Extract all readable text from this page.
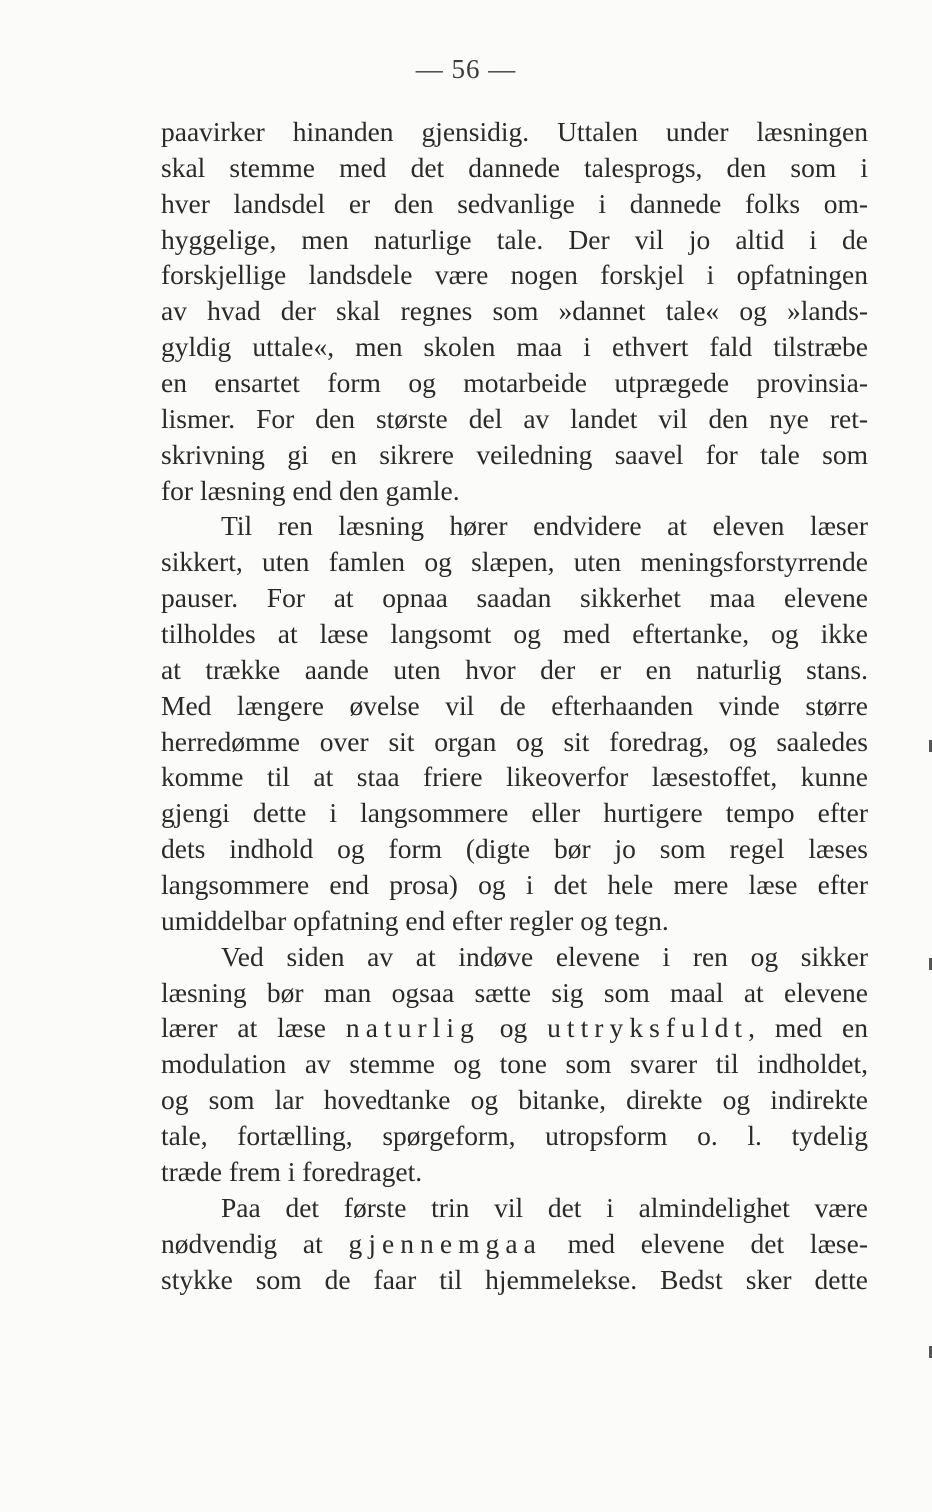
— 56 —
paavirker hinanden gjensidig. Uttalen under læsningen
skal stemme med det dannede talesprogs, den som i
hver landsdel er den sedvanlige i dannede folks om-
hyggelige, men naturlige tale. Der vil jo altid i de
forskjellige landsdele være nogen forskjel i opfatningen
av hvad der skal regnes som »dannet tale« og »lands-
gyldig uttale«, men skolen maa i ethvert fald tilstræbe
en ensartet form og motarbeide utprægede provinsia-
lismer. For den største del av landet vil den nye ret-
skrivning gi en sikrere veiledning saavel for tale som
for læsning end den gamle.
Til ren læsning hører endvidere at eleven læser
sikkert, uten famlen og slæpen, uten meningsforstyrrende
pauser. For at opnaa saadan sikkerhet maa elevene
tilholdes at læse langsomt og med eftertanke, og ikke
at trække aande uten hvor der er en naturlig stans.
Med længere øvelse vil de efterhaanden vinde større
herredømme over sit organ og sit foredrag, og saaledes
komme til at staa friere likeoverfor læsestoffet, kunne
gjengi dette i langsommere eller hurtigere tempo efter
dets indhold og form (digte bør jo som regel læses
langsommere end prosa) og i det hele mere læse efter
umiddelbar opfatning end efter regler og tegn.
Ved siden av at indøve elevene i ren og sikker
læsning bør man ogsaa sætte sig som maal at elevene
lærer at læse naturlig og uttryksfuldt, med en
modulation av stemme og tone som svarer til indholdet,
og som lar hovedtanke og bitanke, direkte og indirekte
tale, fortælling, spørgeform, utropsform o. l. tydelig
træde frem i foredraget.
Paa det første trin vil det i almindelighet være
nødvendig at gjennemgaa med elevene det læse-
stykke som de faar til hjemmelekse. Bedst sker dette
